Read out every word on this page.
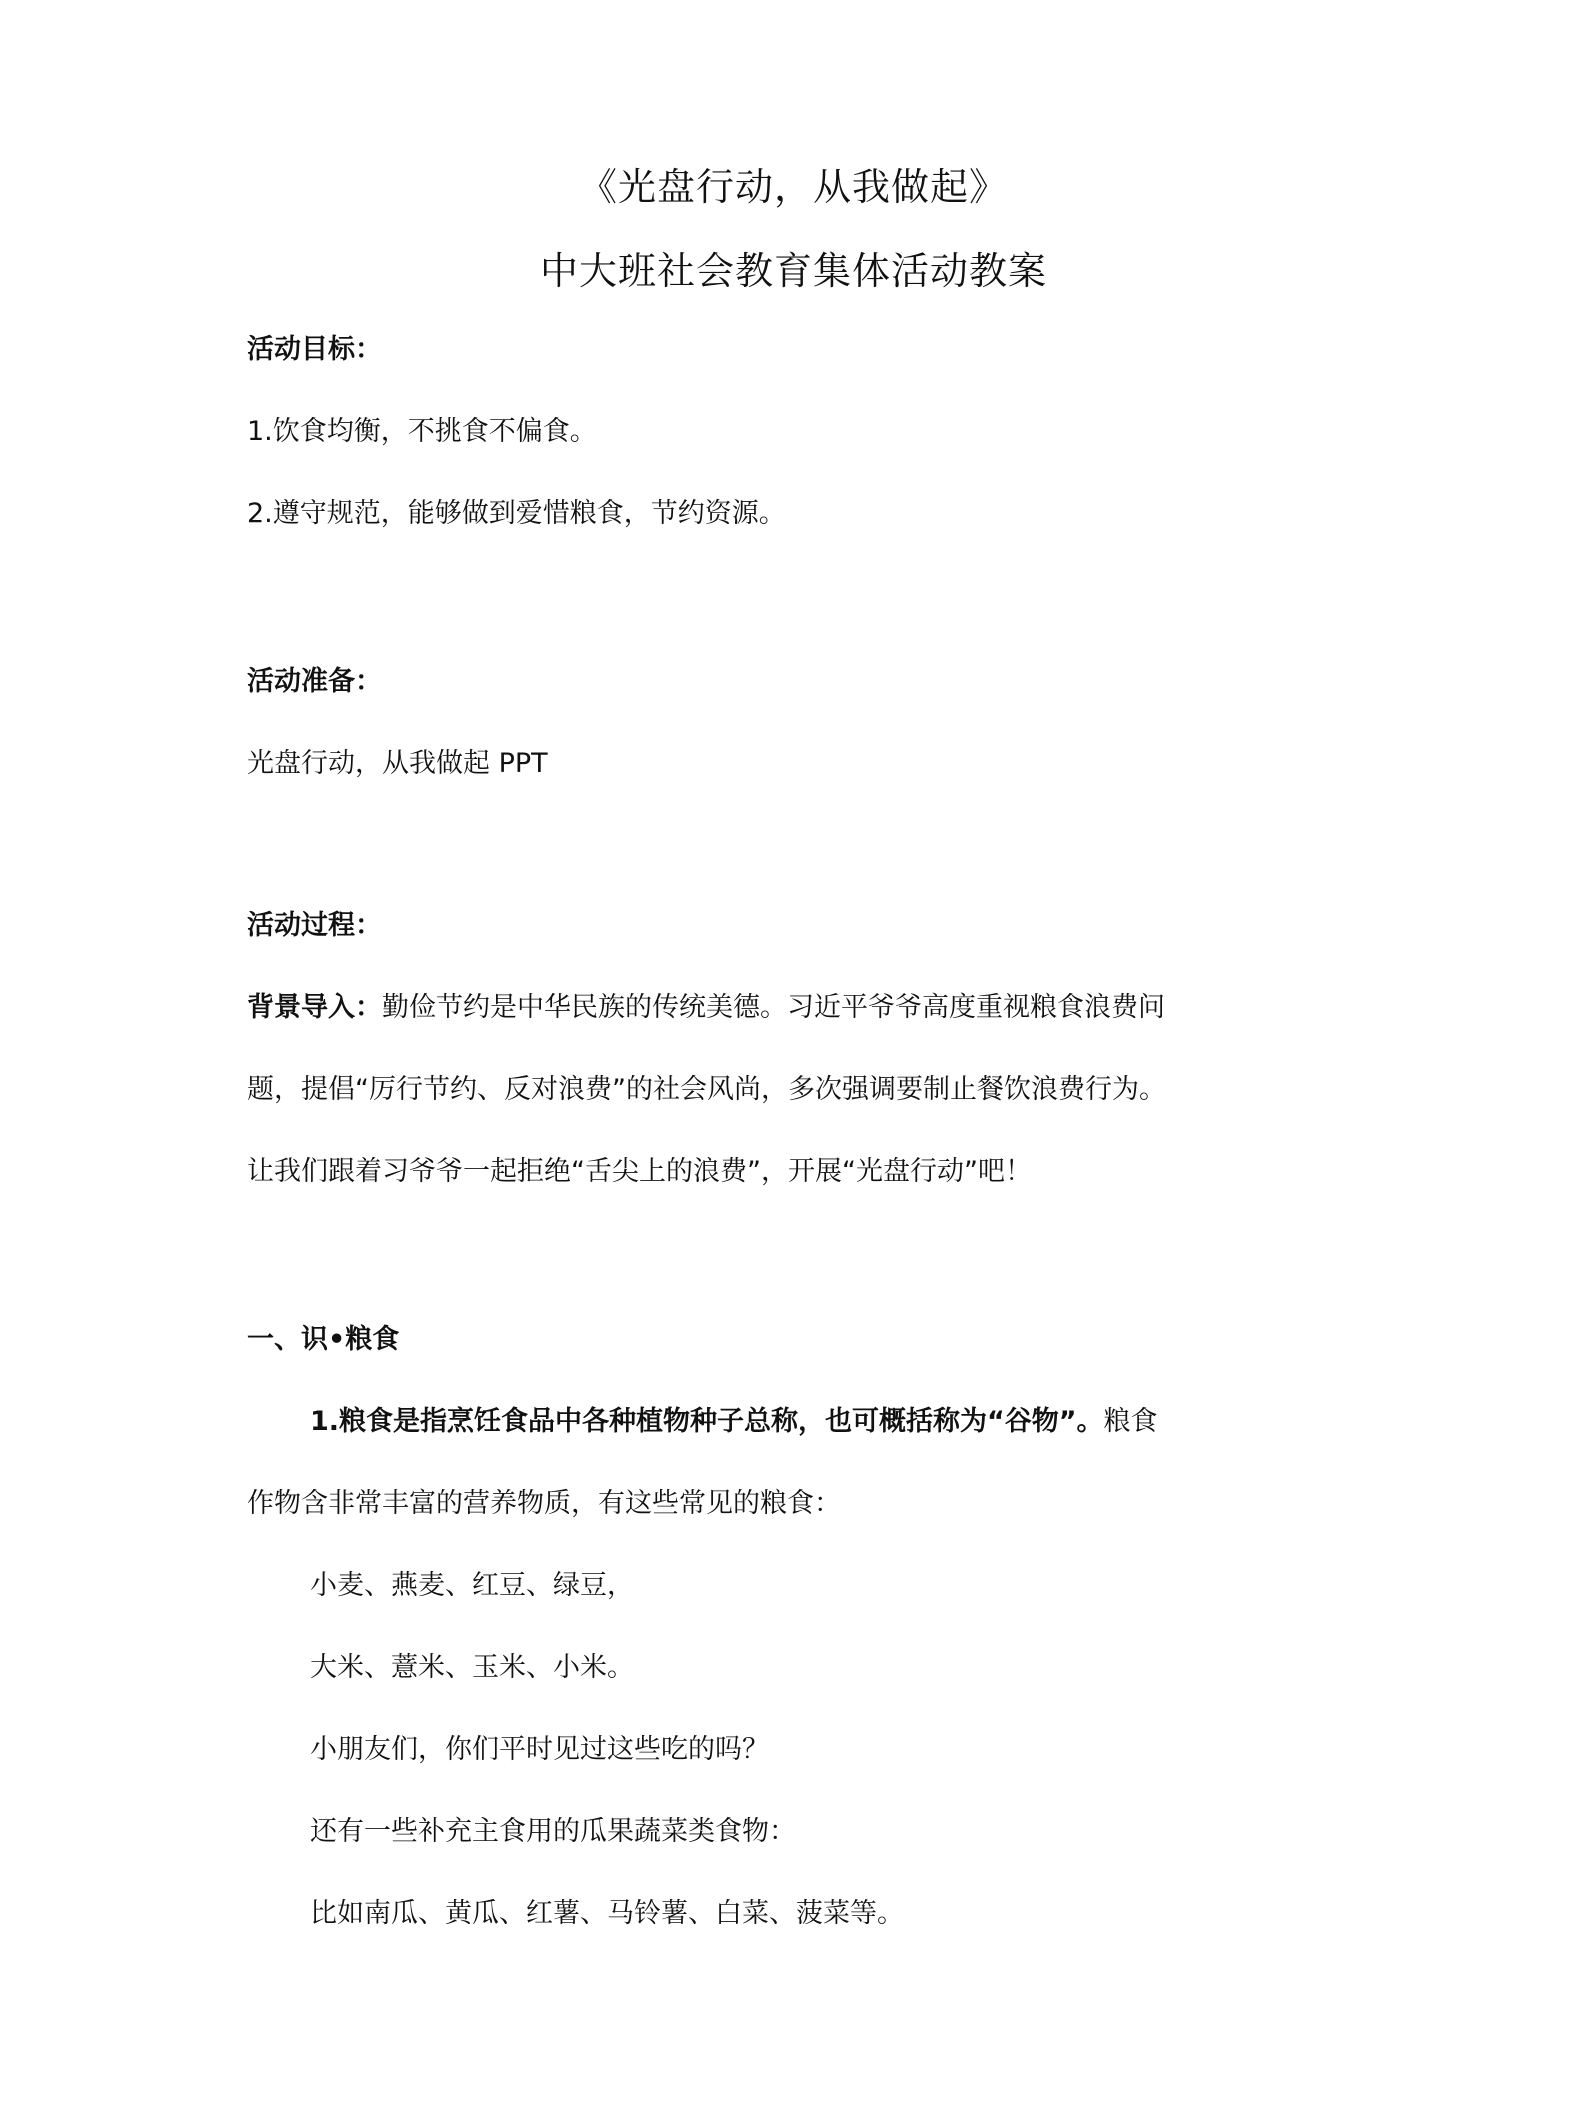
《光盘行动，从我做起》
中大班社会教育集体活动教案
活动目标：
1.饮食均衡，不挑食不偏食。
2.遵守规范，能够做到爱惜粮食，节约资源。
活动准备：
光盘行动，从我做起 PPT
活动过程：
背景导入：勤俭节约是中华民族的传统美德。习近平爷爷高度重视粮食浪费问
题，提倡“厉行节约、反对浪费”的社会风尚，多次强调要制止餐饮浪费行为。
让我们跟着习爷爷一起拒绝“舌尖上的浪费”，开展“光盘行动”吧！
一、识•粮食
1.粮食是指烹饪食品中各种植物种子总称，也可概括称为“谷物”。粮食
作物含非常丰富的营养物质，有这些常见的粮食：
小麦、燕麦、红豆、绿豆，
大米、薏米、玉米、小米。
小朋友们，你们平时见过这些吃的吗？
还有一些补充主食用的瓜果蔬菜类食物：
比如南瓜、黄瓜、红薯、马铃薯、白菜、菠菜等。
